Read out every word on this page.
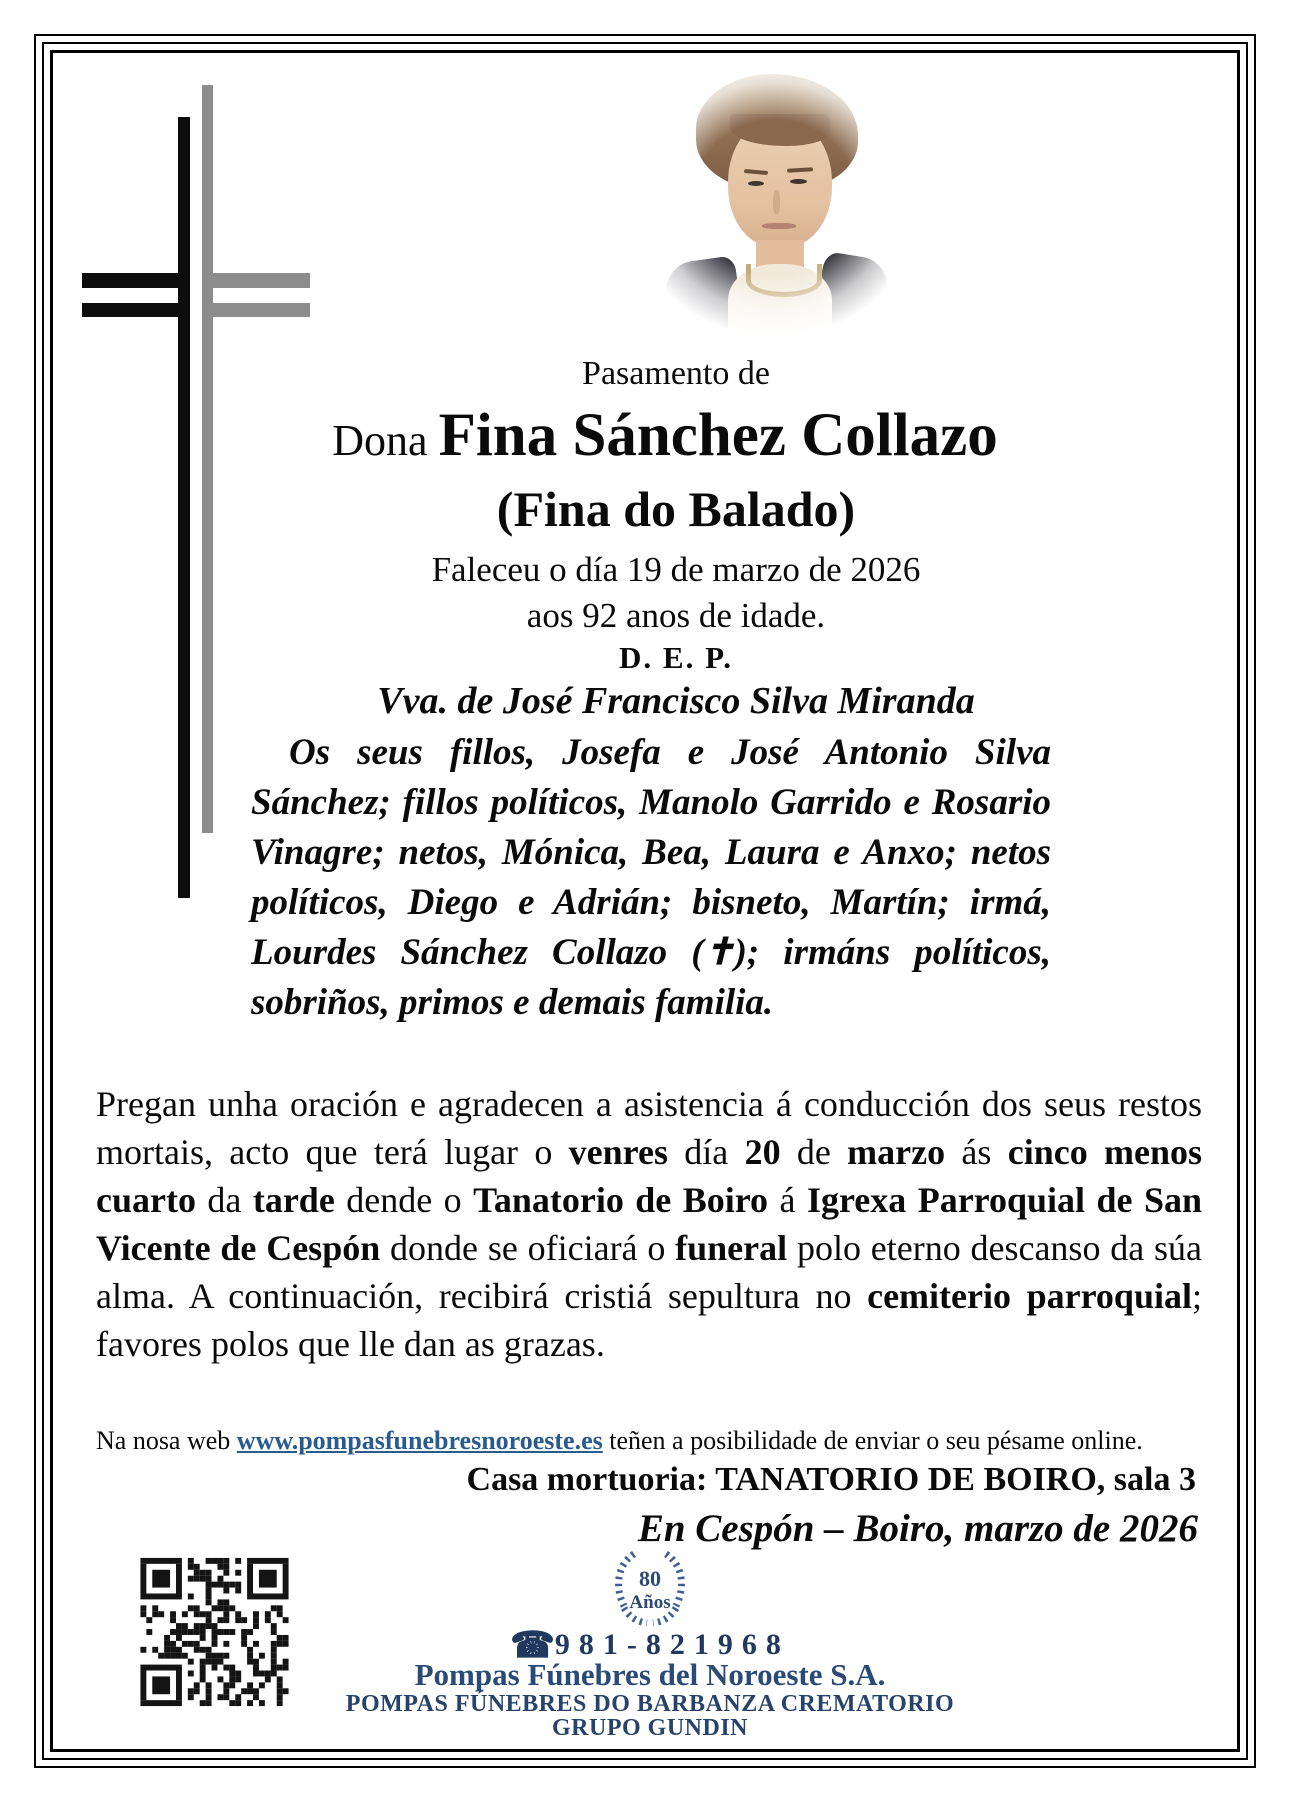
Pasamento de
Dona Fina Sánchez Collazo
(Fina do Balado)
Faleceu o día 19 de marzo de 2026
aos 92 anos de idade.
D. E. P.
Vva. de José Francisco Silva Miranda
Os seus fillos, Josefa e José Antonio Silva Sánchez; fillos políticos, Manolo Garrido e Rosario Vinagre; netos, Mónica, Bea, Laura e Anxo; netos políticos, Diego e Adrián; bisneto, Martín; irmá, Lourdes Sánchez Collazo (✝); irmáns políticos, sobriños, primos e demais familia.
Pregan unha oración e agradecen a asistencia á conducción dos seus restos mortais, acto que terá lugar o venres día 20 de marzo ás cinco menos cuarto da tarde dende o Tanatorio de Boiro á Igrexa Parroquial de San Vicente de Cespón donde se oficiará o funeral polo eterno descanso da súa alma. A continuación, recibirá cristiá sepultura no cemiterio parroquial; favores polos que lle dan as grazas.
Na nosa web www.pompasfunebresnoroeste.es teñen a posibilidade de enviar o seu pésame online.
Casa mortuoria: TANATORIO DE BOIRO, sala 3
En Cespón – Boiro, marzo de 2026
80
Años
☎981-821968
Pompas Fúnebres del Noroeste S.A.
POMPAS FÚNEBRES DO BARBANZA CREMATORIO
GRUPO GUNDIN
